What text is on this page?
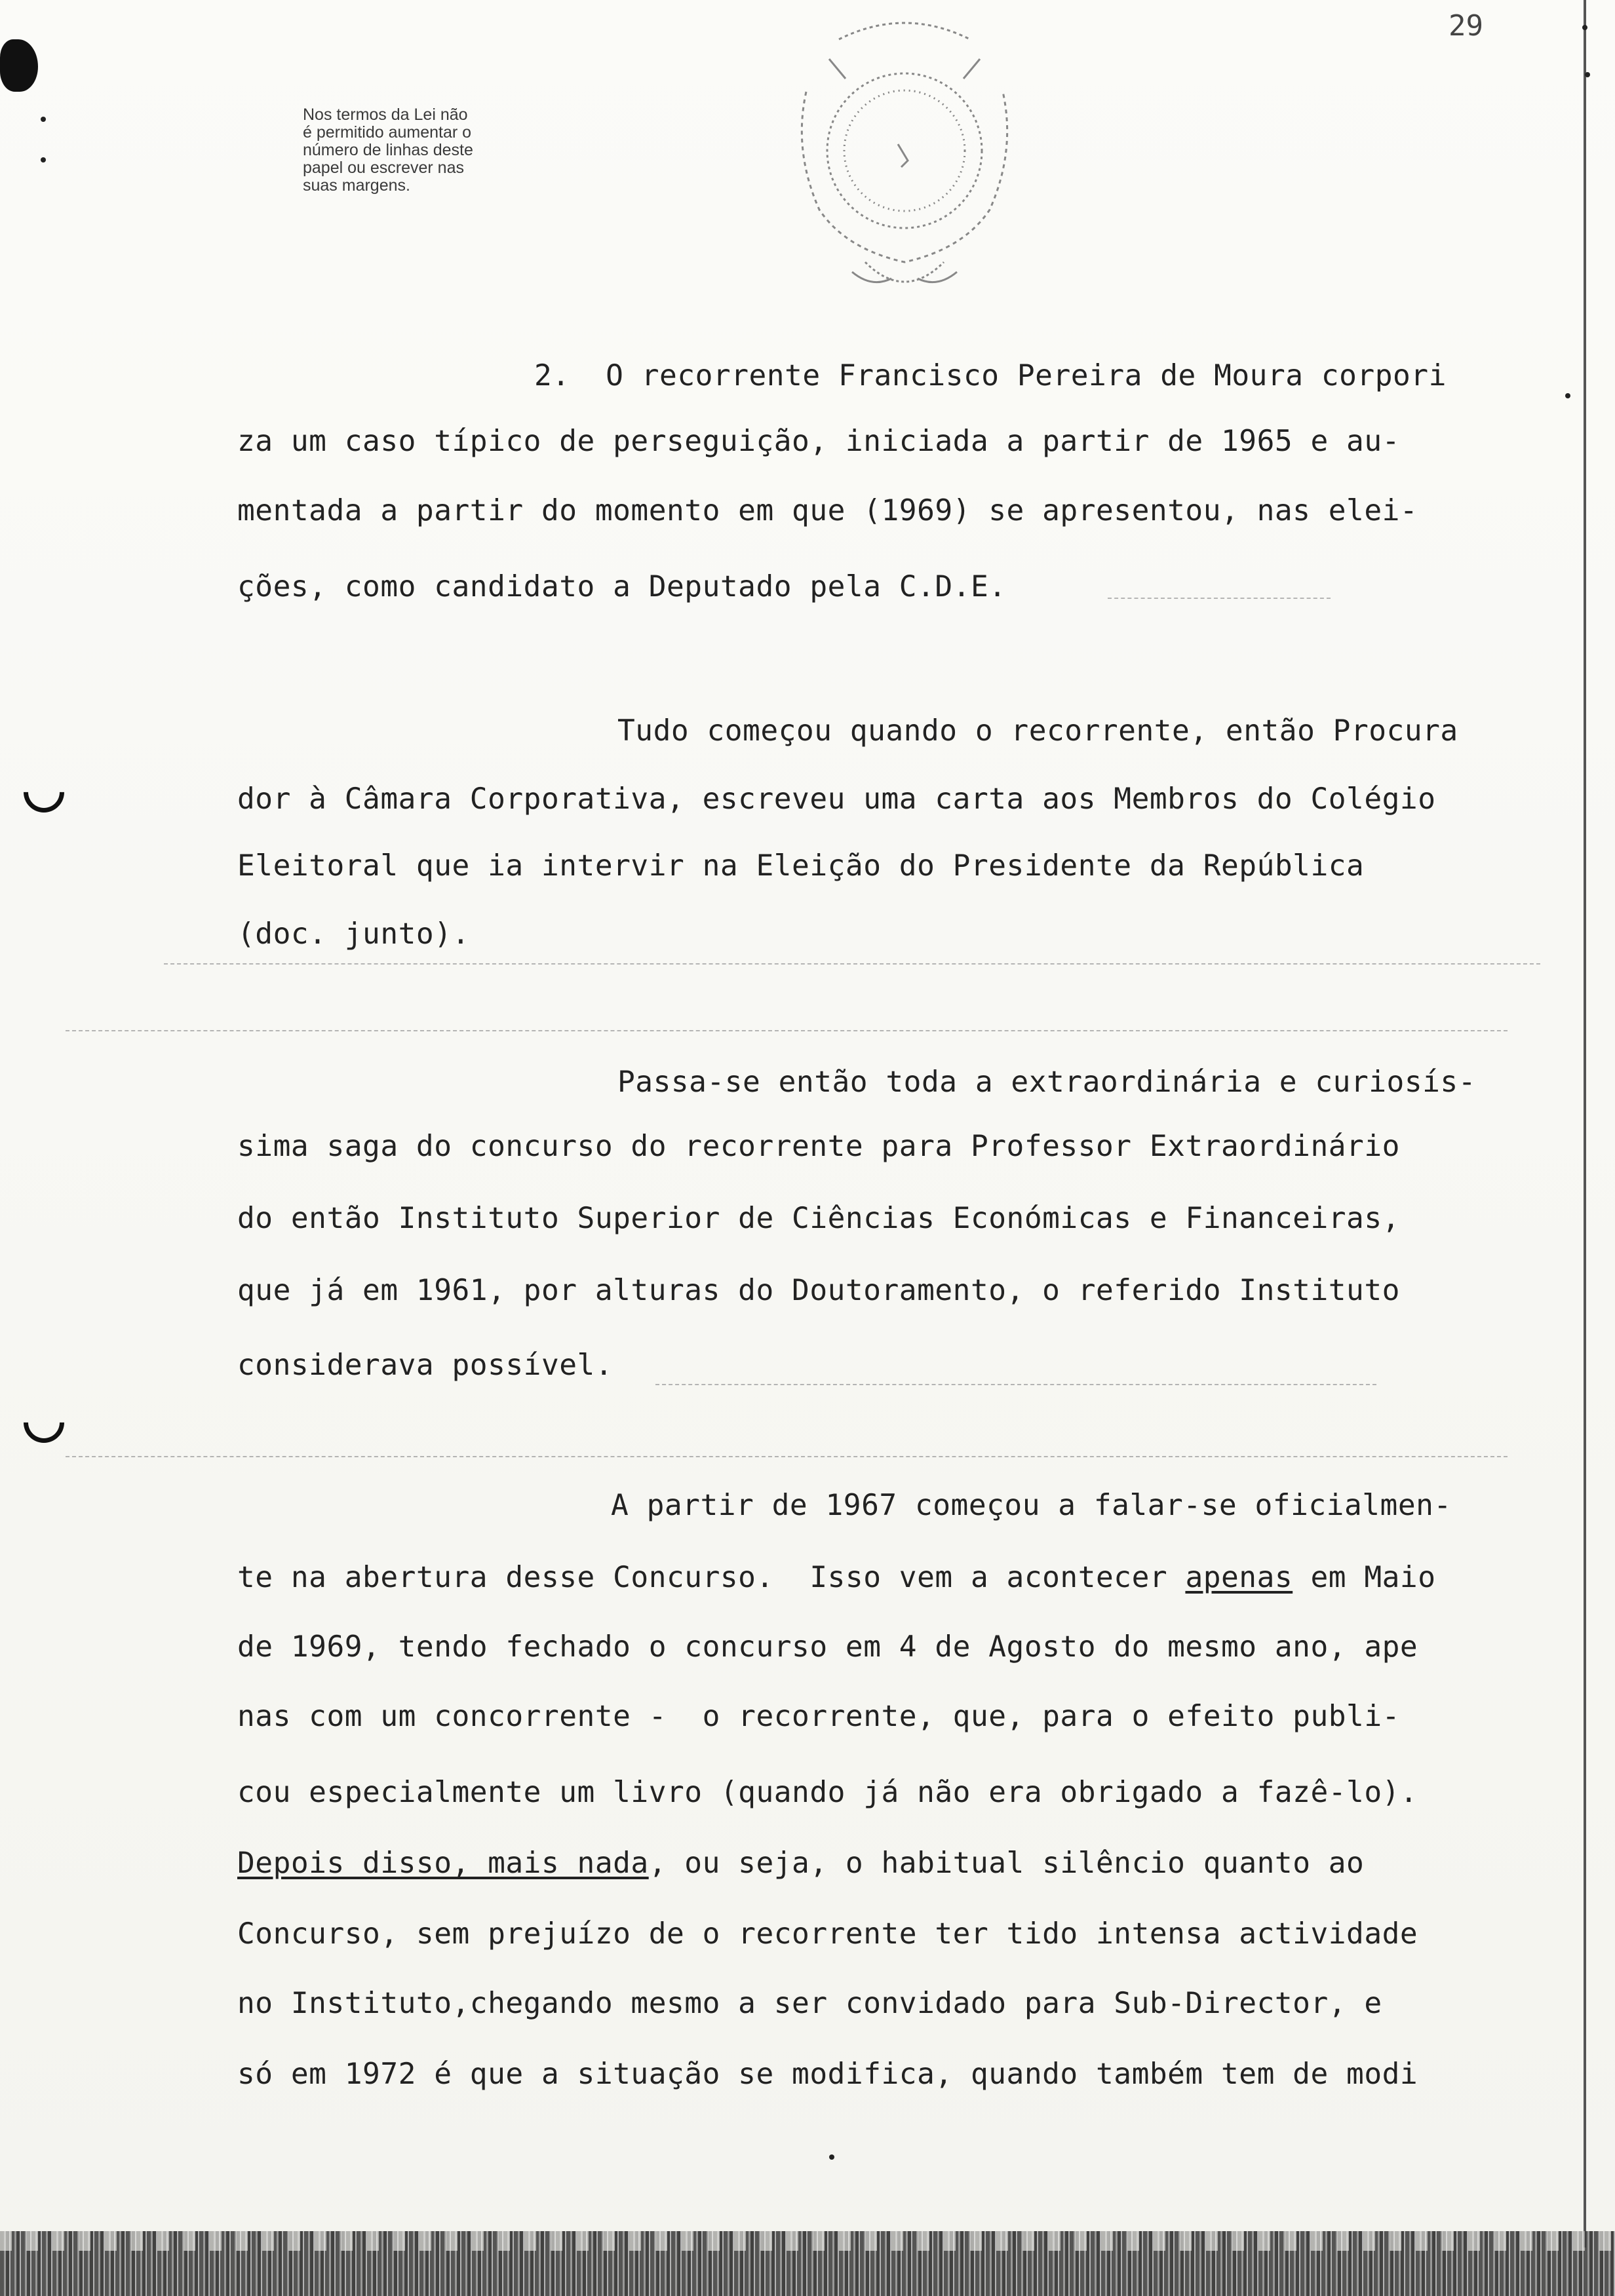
29
Nos termos da Lei não
é permitido aumentar o
número de linhas deste
papel ou escrever nas
suas margens.
2.  O recorrente Francisco Pereira de Moura corpori
za um caso típico de perseguição, iniciada a partir de 1965 e au-
mentada a partir do momento em que (1969) se apresentou, nas elei-
ções, como candidato a Deputado pela C.D.E.
Tudo começou quando o recorrente, então Procura
dor à Câmara Corporativa, escreveu uma carta aos Membros do Colégio
Eleitoral que ia intervir na Eleição do Presidente da República
(doc. junto).
Passa-se então toda a extraordinária e curiosís-
sima saga do concurso do recorrente para Professor Extraordinário
do então Instituto Superior de Ciências Económicas e Financeiras,
que já em 1961, por alturas do Doutoramento, o referido Instituto
considerava possível.
A partir de 1967 começou a falar-se oficialmen-
te na abertura desse Concurso.  Isso vem a acontecer apenas em Maio
de 1969, tendo fechado o concurso em 4 de Agosto do mesmo ano, ape
nas com um concorrente -  o recorrente, que, para o efeito publi-
cou especialmente um livro (quando já não era obrigado a fazê-lo).
Depois disso, mais nada, ou seja, o habitual silêncio quanto ao
Concurso, sem prejuízo de o recorrente ter tido intensa actividade
no Instituto,chegando mesmo a ser convidado para Sub-Director, e
só em 1972 é que a situação se modifica, quando também tem de modi
